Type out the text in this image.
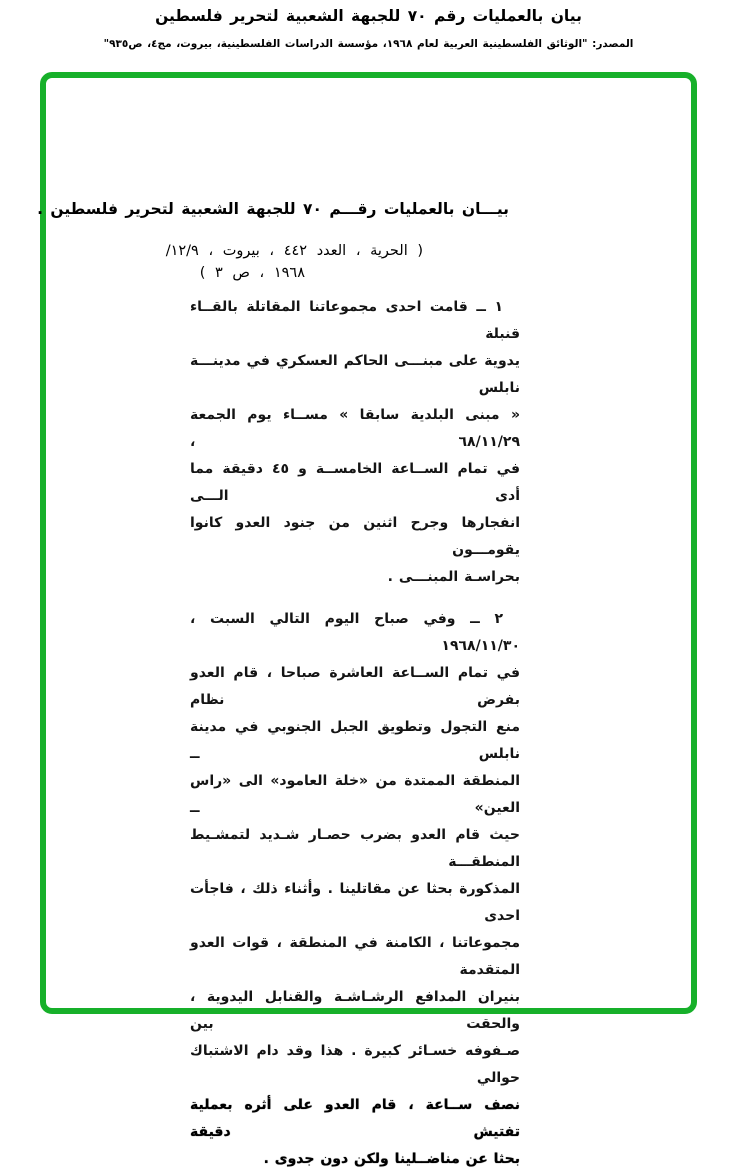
بيان بالعمليات رقم ٧٠ للجبهة الشعبية لتحرير فلسطين
المصدر: "الوثائق الفلسطينية العربية لعام ١٩٦٨، مؤسسة الدراسات الفلسطينية، بيروت، مج٤، ص٩٣٥"
بيـــان بالعمليات رقـــم ٧٠ للجبهة الشعبية لتحرير فلسطين .
( الحرية ، العدد ٤٤٢ ، بيروت ، ١٢/٩/
١٩٦٨ ، ص ٣ )
١ ــ قامت احدى مجموعاتنا المقاتلة بالقــاء قنبلة
يدوية على مبنـــى الحاكم العسكري في مدينـــة نابلس
« مبنى البلدية سابقا » مســاء يوم الجمعة ٦٨/١١/٢٩ ،
في تمام الســاعة الخامســة و ٤٥ دقيقة مما أدى الـــى
انفجارها وجرح اثنين من جنود العدو كانوا يقومـــون
بحراسـة المبنـــى .
٢ ــ وفي صباح اليوم التالي السبت ، ١٩٦٨/١١/٣٠
في تمام الســاعة العاشرة صباحا ، قام العدو بفرض نظام
منع التجول وتطويق الجبل الجنوبي في مدينة نابلس ــ
المنطقة الممتدة من «خلة العامود» الى «راس العين» ــ
حيث قام العدو بضرب حصـار شـديد لتمشـيط المنطقـــة
المذكورة بحثا عن مقاتلينا . وأثناء ذلك ، فاجأت احدى
مجموعاتنا ، الكامنة في المنطقة ، قوات العدو المتقدمة
بنيران المدافع الرشـاشـة والقنابل اليدوية ، والحقت بين
صـفوفه خسـائر كبيرة . هذا وقد دام الاشتباك حوالي
نصف ســاعة ، قام العدو على أثره بعملية تفتيش دقيقة
بحثا عن مناضــلينا ولكن دون جدوى .
